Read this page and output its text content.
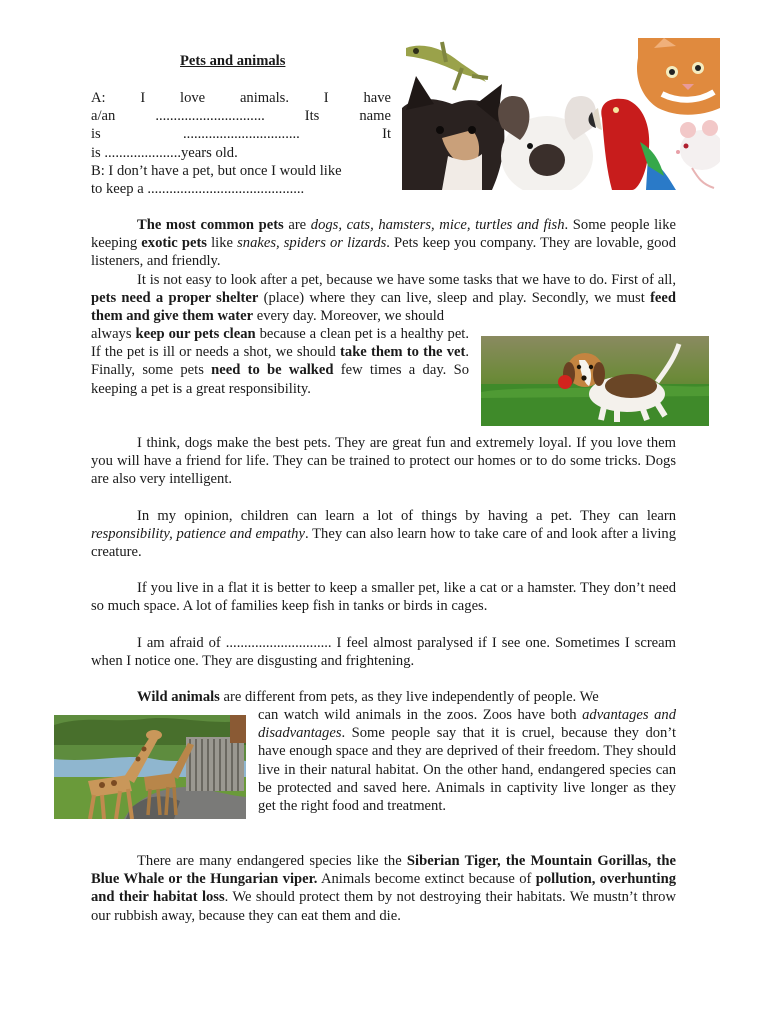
Pets and animals
A: I love animals. I have
a/an	..............................	Its	name
is	................................	It
is .....................years old.
B: I don’t have a pet, but once I would like
to keep a ...........................................

The most common pets are dogs, cats, hamsters, mice, turtles and fish. Some people like keeping exotic pets like snakes, spiders or lizards. Pets keep you company. They are lovable, good listeners, and friendly.

It is not easy to look after a pet, because we have some tasks that we have to do. First of all, pets need a proper shelter (place) where they can live, sleep and play. Secondly, we must feed them and give them water every day. Moreover, we should

always keep our pets clean because a clean pet is a healthy pet. If the pet is ill or needs a shot, we should take them to the vet. Finally, some pets need to be walked few times a day. So keeping a pet is a great responsibility.

I think, dogs make the best pets. They are great fun and extremely loyal. If you love them you will have a friend for life. They can be trained to protect our homes or to do some tricks. Dogs are also very intelligent.

In my opinion, children can learn a lot of things by having a pet. They can learn responsibility, patience and empathy. They can also learn how to take care of and look after a living creature.

If you live in a flat it is better to keep a smaller pet, like a cat or a hamster. They don’t need so much space. A lot of families keep fish in tanks or birds in cages.

I am afraid of ............................. I feel almost paralysed if I see one. Sometimes I scream when I notice one. They are disgusting and frightening.

Wild animals are different from pets, as they live independently of people. We

can watch wild animals in the zoos. Zoos have both advantages and disadvantages. Some people say that it is cruel, because they don’t have enough space and they are deprived of their freedom. They should live in their natural habitat. On the other hand, endangered species can be protected and saved here. Animals in captivity live longer as they get the right food and treatment.

There are many endangered species like the Siberian Tiger, the Mountain Gorillas, the Blue Whale or the Hungarian viper. Animals become extinct because of pollution, overhunting and their habitat loss. We should protect them by not destroying their habitats. We mustn’t throw our rubbish away, because they can eat them and die.
